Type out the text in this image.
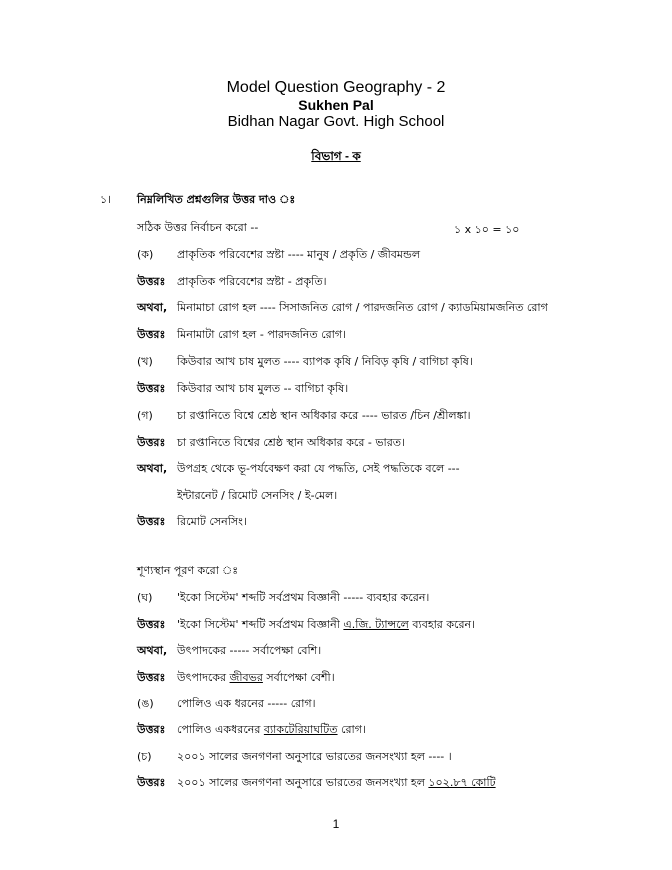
Model Question Geography - 2
Sukhen Pal
Bidhan Nagar Govt. High School
বিভাগ - ক
১। নিম্নলিখিত প্রশ্নগুলির উত্তর দাও ঃ
সঠিক উত্তর নির্বাচন করো --	১ x ১০ = ১০
(ক) প্রাকৃতিক পরিবেশের স্রষ্টা ---- মানুষ / প্রকৃতি / জীবমন্ডল
উত্তরঃ প্রাকৃতিক পরিবেশের স্রষ্টা - প্রকৃতি।
অথবা, মিনামাচা রোগ হল ---- সিসাজনিত রোগ / পারদজনিত রোগ / ক্যাডমিয়ামজনিত রোগ
উত্তরঃ মিনামাটা রোগ হল - পারদজনিত রোগ।
(খ) কিউবার আখ চাষ মুলত ---- ব্যাপক কৃষি / নিবিড় কৃষি / বাগিচা কৃষি।
উত্তরঃ কিউবার আখ চাষ মুলত -- বাগিচা কৃষি।
(গ) চা রপ্তানিতে বিশ্বে শ্রেষ্ঠ স্থান অধিকার করে ---- ভারত /চিন /শ্রীলঙ্কা।
উত্তরঃ চা রপ্তানিতে বিশ্বের শ্রেষ্ঠ স্থান অধিকার করে - ভারত।
অথবা, উপগ্রহ থেকে ভূ-পর্যবেক্ষণ করা যে পদ্ধতি, সেই পদ্ধতিকে বলে ---
ইন্টারনেট / রিমোট সেনসিং / ই-মেল।
উত্তরঃ রিমোট সেনসিং।
শূণ্যস্থান পূরণ করো ঃ
(ঘ) 'ইকো সিস্টেম' শব্দটি সর্বপ্রথম বিজ্ঞানী ----- ব্যবহার করেন।
উত্তরঃ 'ইকো সিস্টেম' শব্দটি সর্বপ্রথম বিজ্ঞানী এ.জি. ট্যান্সলে ব্যবহার করেন।
অথবা, উৎপাদকের ----- সর্বাপেক্ষা বেশি।
উত্তরঃ উৎপাদকের জীবভর সর্বাপেক্ষা বেশী।
(ঙ) পোলিও এক ধরনের ----- রোগ।
উত্তরঃ পোলিও একধরনের ব্যাকটেরিয়াঘটিত রোগ।
(চ) ২০০১ সালের জনগণনা অনুসারে ভারতের জনসংখ্যা হল ---- ।
উত্তরঃ ২০০১ সালের জনগণনা অনুসারে ভারতের জনসংখ্যা হল ১০২.৮৭ কোটি
1
